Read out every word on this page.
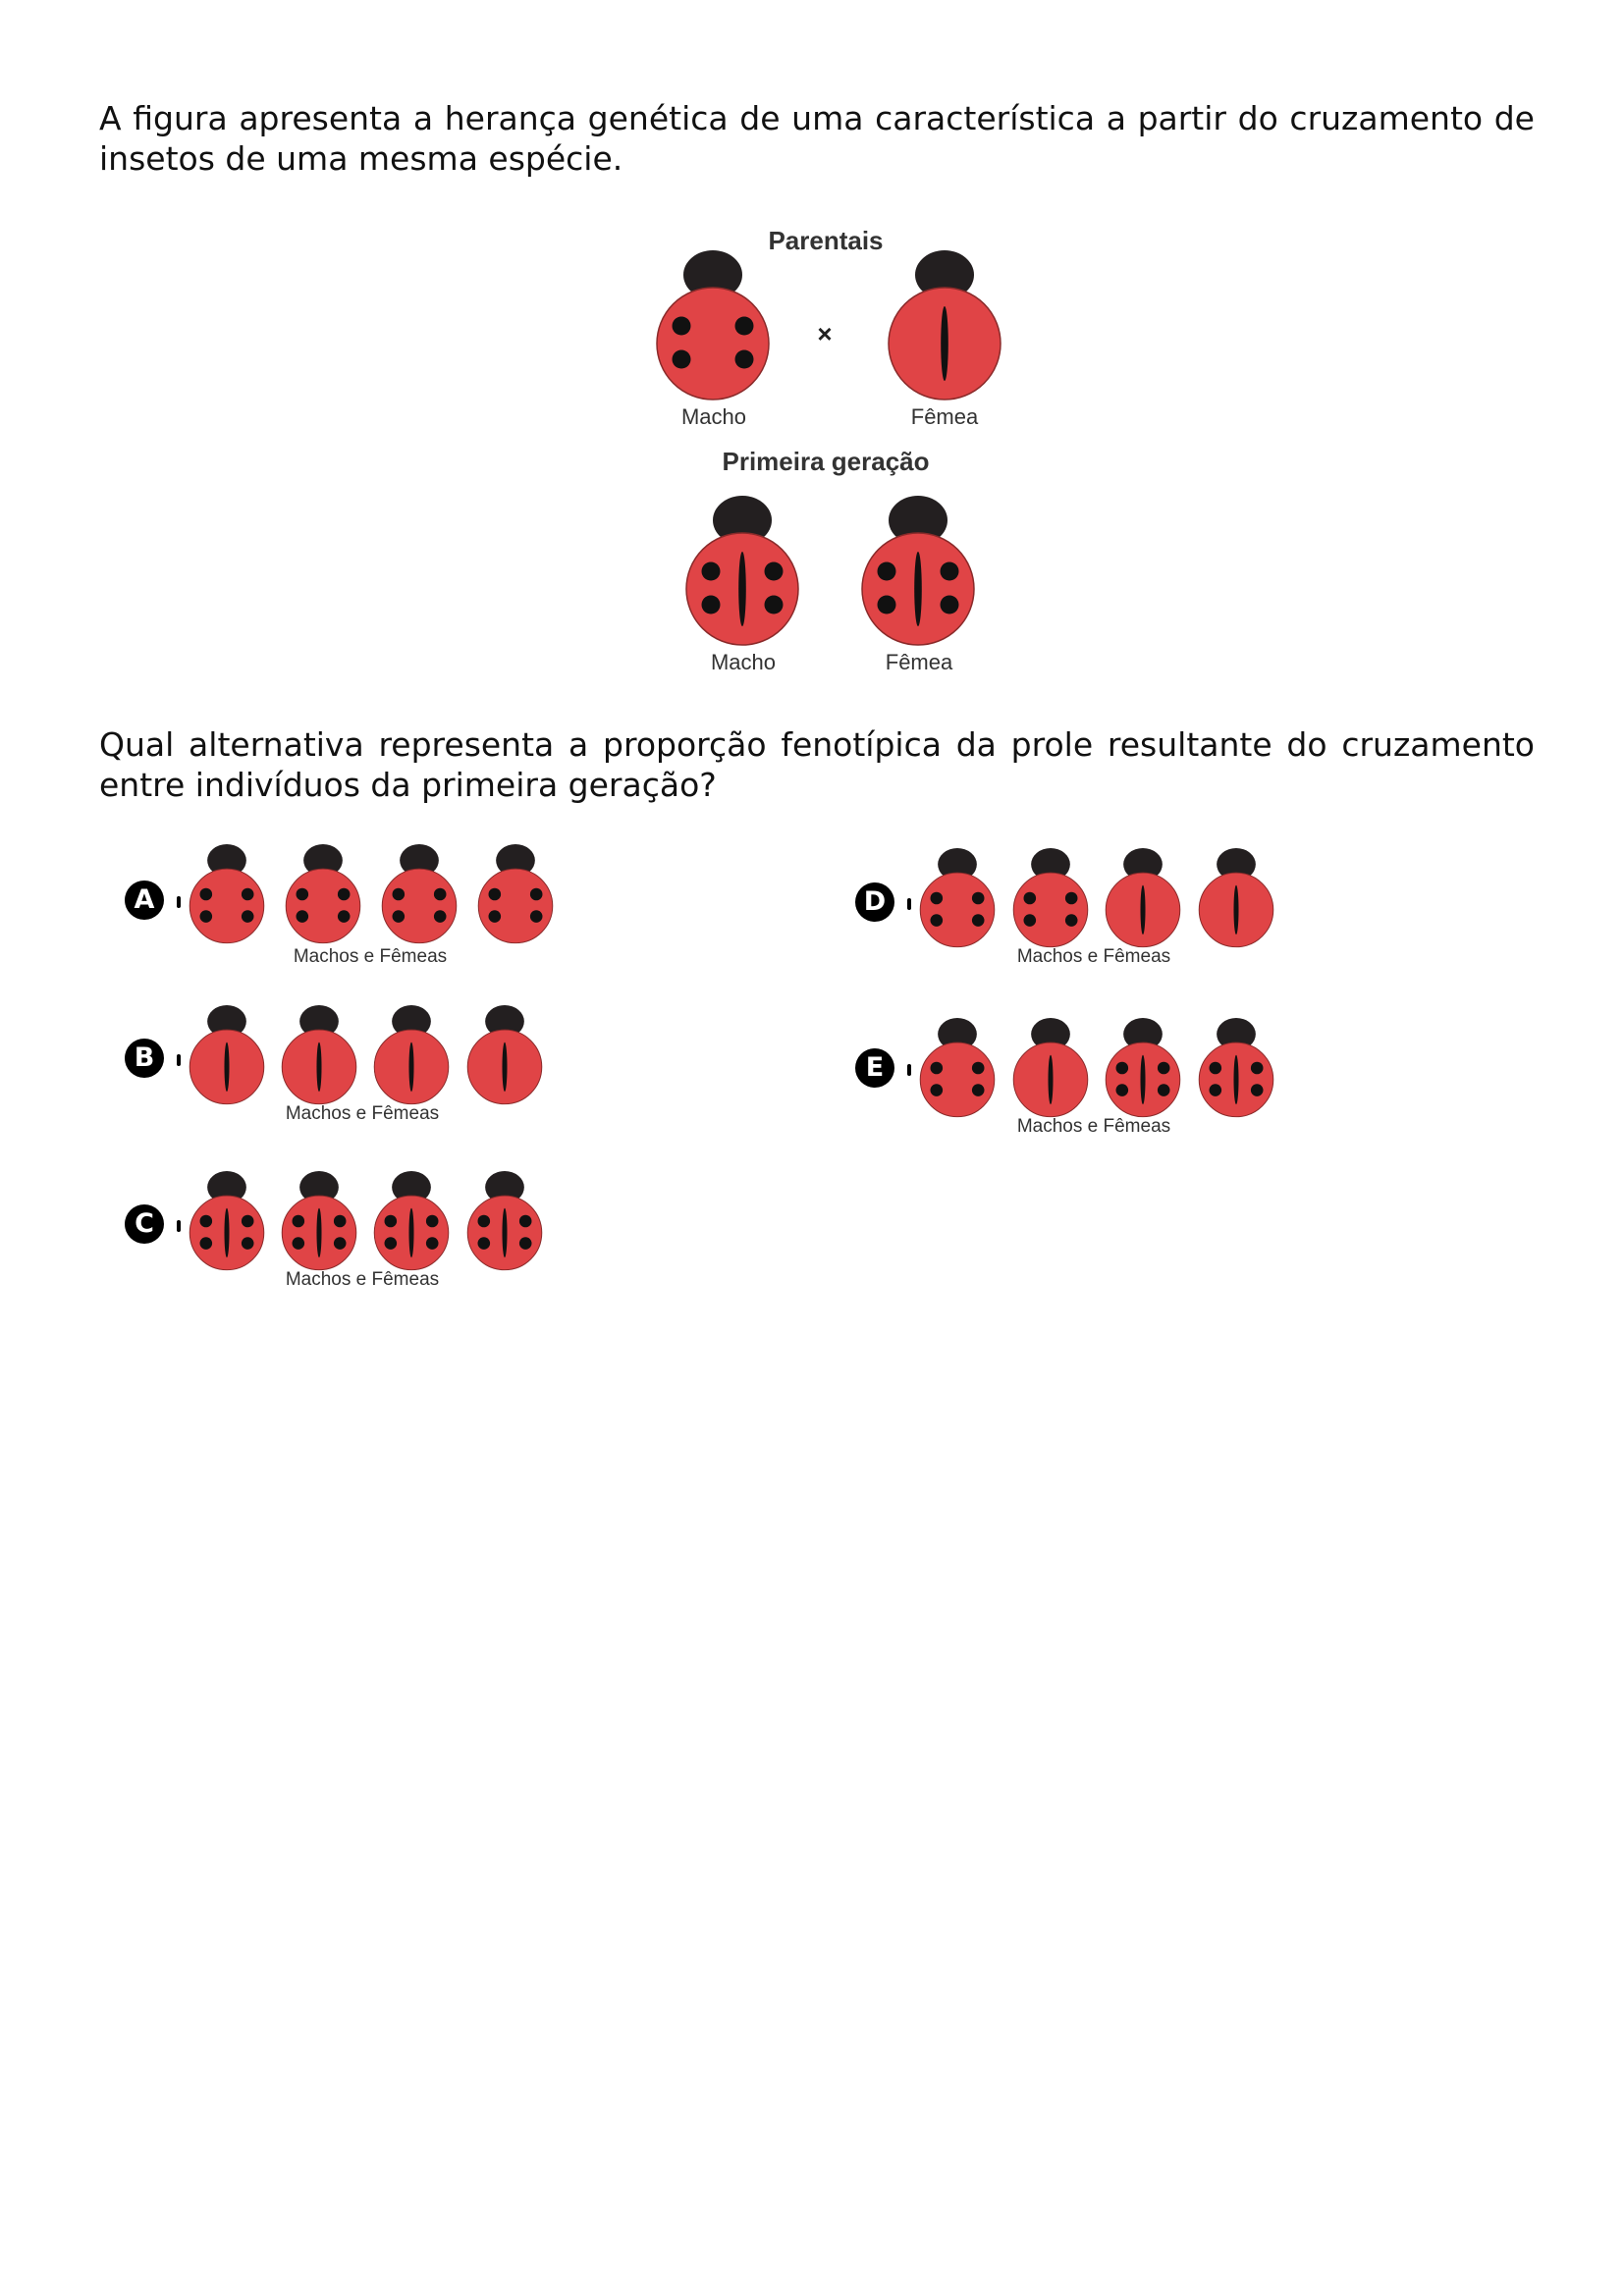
A figura apresenta a herança genética de uma característica a partir do cruzamento de insetos de uma mesma espécie.

Parentais
×
Macho	Fêmea
Primeira geração
Macho	Fêmea

Qual alternativa representa a proporção fenotípica da prole resultante do cruzamento entre indivíduos da primeira geração?

A
Machos e Fêmeas
B
Machos e Fêmeas
C
Machos e Fêmeas
D
Machos e Fêmeas
E
Machos e Fêmeas
